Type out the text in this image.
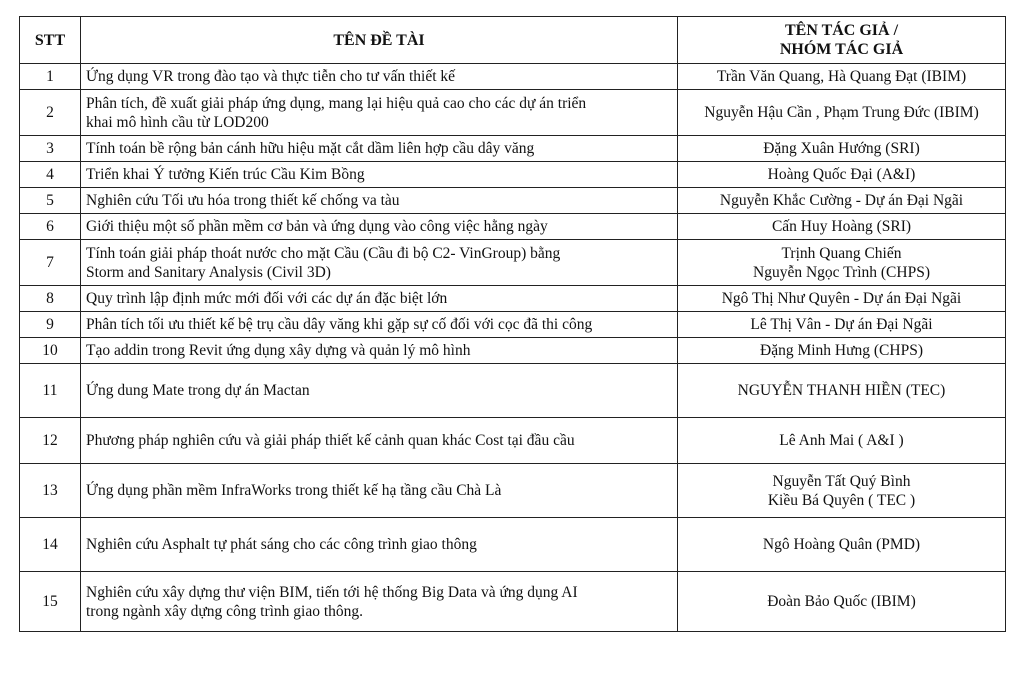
STT	TÊN ĐỀ TÀI	TÊN TÁC GIẢ /
NHÓM TÁC GIẢ

1	Ứng dụng VR trong đào tạo và thực tiễn cho tư vấn thiết kế	Trần Văn Quang, Hà Quang Đạt (IBIM)

2	Phân tích, đề xuất giải pháp ứng dụng, mang lại hiệu quả cao cho các dự án triển
khai mô hình cầu từ LOD200	Nguyễn Hậu Cần , Phạm Trung Đức (IBIM)

3	Tính toán bề rộng bản cánh hữu hiệu mặt cắt dầm liên hợp cầu dây văng	Đặng Xuân Hướng (SRI)

4	Triển khai Ý tưởng Kiến trúc Cầu Kim Bồng	Hoàng Quốc Đại (A&I)

5	Nghiên cứu Tối ưu hóa trong thiết kế chống va tàu	Nguyễn Khắc Cường - Dự án Đại Ngãi

6	Giới thiệu một số phần mềm cơ bản và ứng dụng vào công việc hằng ngày	Cấn Huy Hoàng (SRI)

7	Tính toán giải pháp thoát nước cho mặt Cầu (Cầu đi bộ C2- VinGroup) bằng
Storm and Sanitary Analysis (Civil 3D)	Trịnh Quang Chiến
Nguyễn Ngọc Trình (CHPS)

8	Quy trình lập định mức mới đối với các dự án đặc biệt lớn	Ngô Thị Như Quyên - Dự án Đại Ngãi

9	Phân tích tối ưu thiết kế bệ trụ cầu dây văng khi gặp sự cố đối với cọc đã thi công	Lê Thị Vân - Dự án Đại Ngãi

10	Tạo addin trong Revit ứng dụng xây dựng và quản lý mô hình	Đặng Minh Hưng (CHPS)

11	Ứng dung Mate trong dự án Mactan	NGUYỄN THANH HIỀN (TEC)

12	Phương pháp nghiên cứu và giải pháp thiết kế cảnh quan khác Cost tại đầu cầu	Lê Anh Mai ( A&I )

13	Ứng dụng phần mềm InfraWorks trong thiết kế hạ tầng cầu Chà Là	Nguyễn Tất Quý Bình
Kiều Bá Quyên ( TEC )

14	Nghiên cứu Asphalt tự phát sáng cho các công trình giao thông	Ngô Hoàng Quân (PMD)

15	Nghiên cứu xây dựng thư viện BIM, tiến tới hệ thống Big Data và ứng dụng AI
trong ngành xây dựng công trình giao thông.	Đoàn Bảo Quốc (IBIM)
